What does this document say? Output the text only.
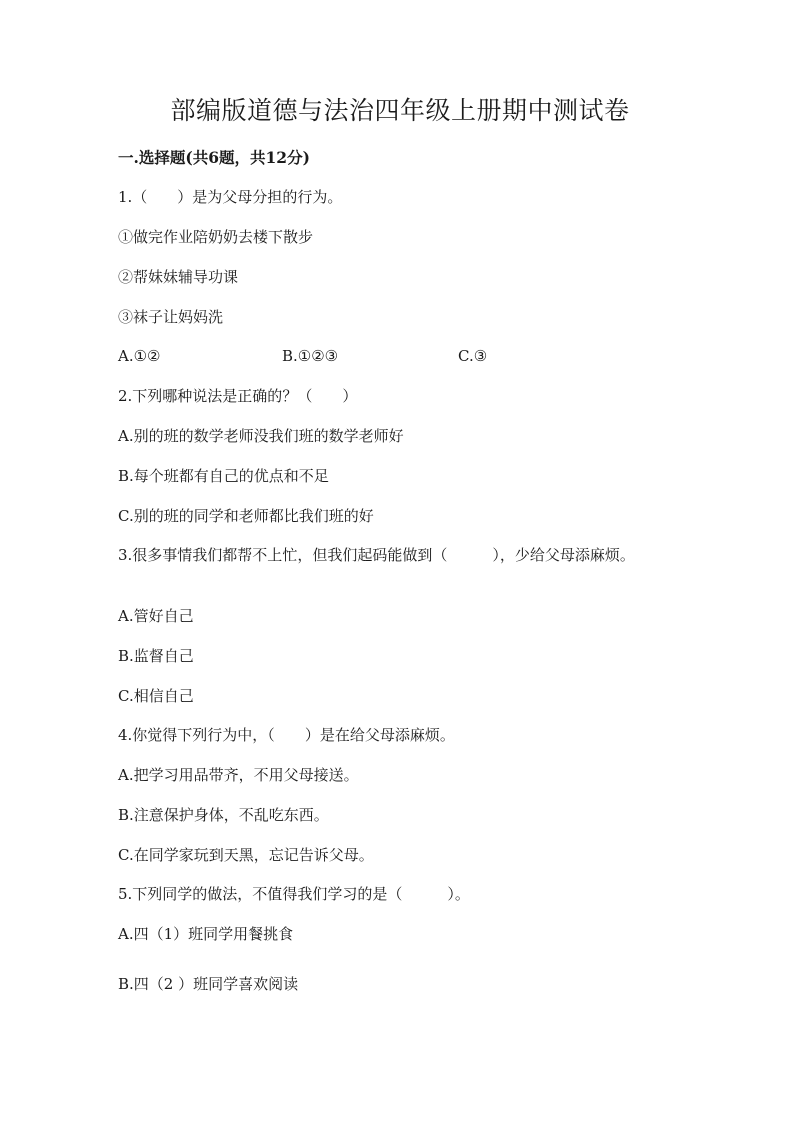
部编版道德与法治四年级上册期中测试卷
一.选择题(共6题，共12分)
1.（　　）是为父母分担的行为。
①做完作业陪奶奶去楼下散步
②帮妹妹辅导功课
③袜子让妈妈洗
A.①②	B.①②③	C.③
2.下列哪种说法是正确的？（　　）
A.别的班的数学老师没我们班的数学老师好
B.每个班都有自己的优点和不足
C.别的班的同学和老师都比我们班的好
3.很多事情我们都帮不上忙，但我们起码能做到（　　　），少给父母添麻烦。
A.管好自己
B.监督自己
C.相信自己
4.你觉得下列行为中，（　　）是在给父母添麻烦。
A.把学习用品带齐，不用父母接送。
B.注意保护身体，不乱吃东西。
C.在同学家玩到天黑，忘记告诉父母。
5.下列同学的做法，不值得我们学习的是（　　　）。
A.四（1）班同学用餐挑食
B.四（2 ）班同学喜欢阅读
